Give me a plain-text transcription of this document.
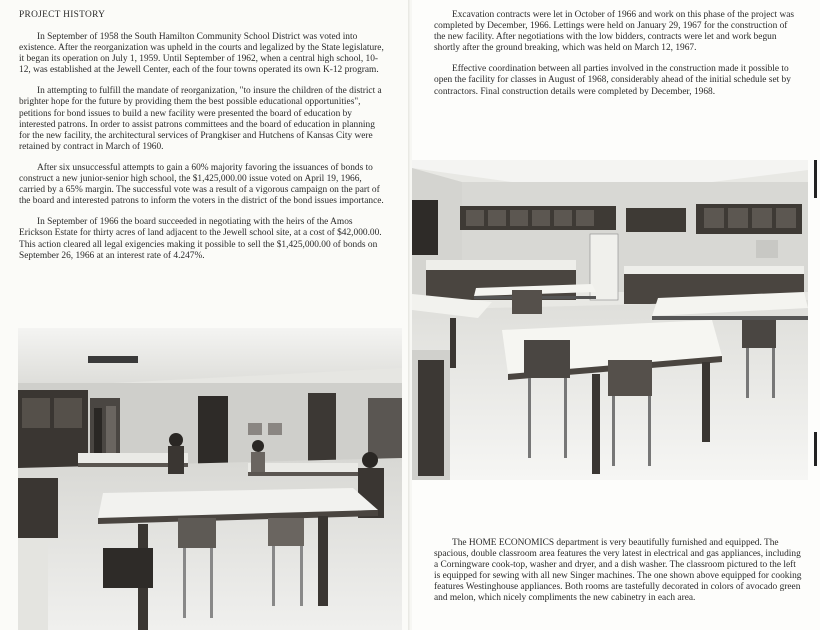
PROJECT HISTORY

In September of 1958 the South Hamilton Community School District was voted into existence. After the reorganization was upheld in the courts and legalized by the State legislature, it began its operation on July 1, 1959. Until September of 1962, when a central high school, 10-12, was established at the Jewell Center, each of the four towns operated its own K-12 program.

In attempting to fulfill the mandate of reorganization, "to insure the children of the district a brighter hope for the future by providing them the best possible educational opportunities", petitions for bond issues to build a new facility were presented the board of education by interested patrons. In order to assist patrons committees and the board of education in planning for the new facility, the architectural services of Prangkiser and Hutchens of Kansas City were retained by contract in March of 1960.

After six unsuccessful attempts to gain a 60% majority favoring the issuances of bonds to construct a new junior-senior high school, the $1,425,000.00 issue voted on April 19, 1966, carried by a 65% margin. The successful vote was a result of a vigorous campaign on the part of the board and interested patrons to inform the voters in the district of the bond issues importance.

In September of 1966 the board succeeded in negotiating with the heirs of the Amos Erickson Estate for thirty acres of land adjacent to the Jewell school site, at a cost of $42,000.00. This action cleared all legal exigencies making it possible to sell the $1,425,000.00 of bonds on September 26, 1966 at an interest rate of 4.247%.

Excavation contracts were let in October of 1966 and work on this phase of the project was completed by December, 1966. Lettings were held on January 29, 1967 for the construction of the new facility. After negotiations with the low bidders, contracts were let and work begun shortly after the ground breaking, which was held on March 12, 1967.

Effective coordination between all parties involved in the construction made it possible to open the facility for classes in August of 1968, considerably ahead of the initial schedule set by contractors. Final construction details were completed by December, 1968.

The HOME ECONOMICS department is very beautifully furnished and equipped. The spacious, double classroom area features the very latest in electrical and gas appliances, including a Corningware cook-top, washer and dryer, and a dish washer. The classroom pictured to the left is equipped for sewing with all new Singer machines. The one shown above equipped for cooking features Westinghouse appliances. Both rooms are tastefully decorated in colors of avocado green and melon, which nicely compliments the new cabinetry in each area.
